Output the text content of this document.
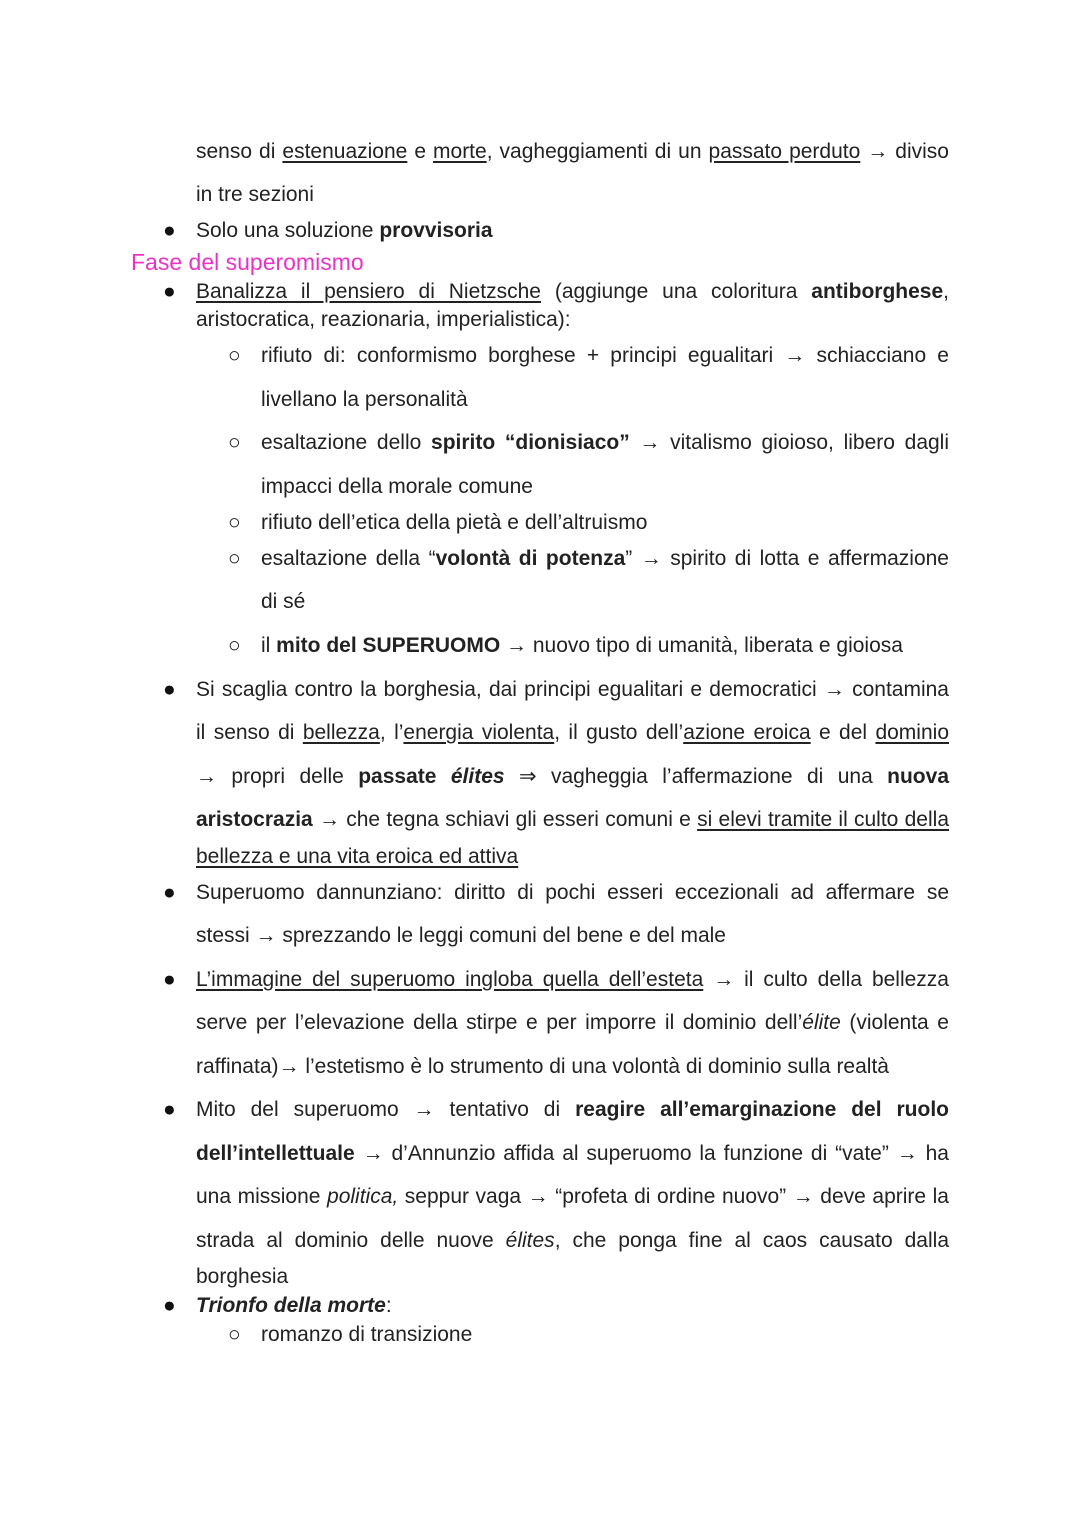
senso di estenuazione e morte, vagheggiamenti di un passato perduto → diviso
in tre sezioni
● Solo una soluzione provvisoria
Fase del superomismo
● Banalizza il pensiero di Nietzsche (aggiunge una coloritura antiborghese,
aristocratica, reazionaria, imperialistica):
○ rifiuto di: conformismo borghese + principi egualitari → schiacciano e
livellano la personalità
○ esaltazione dello spirito “dionisiaco” → vitalismo gioioso, libero dagli
impacci della morale comune
○ rifiuto dell’etica della pietà e dell’altruismo
○ esaltazione della “volontà di potenza” → spirito di lotta e affermazione
di sé
○ il mito del SUPERUOMO → nuovo tipo di umanità, liberata e gioiosa
● Si scaglia contro la borghesia, dai principi egualitari e democratici → contamina
il senso di bellezza, l’energia violenta, il gusto dell’azione eroica e del dominio
→ propri delle passate élites ⇒ vagheggia l’affermazione di una nuova
aristocrazia → che tegna schiavi gli esseri comuni e si elevi tramite il culto della
bellezza e una vita eroica ed attiva
● Superuomo dannunziano: diritto di pochi esseri eccezionali ad affermare se
stessi → sprezzando le leggi comuni del bene e del male
● L’immagine del superuomo ingloba quella dell’esteta → il culto della bellezza
serve per l’elevazione della stirpe e per imporre il dominio dell’élite (violenta e
raffinata)→ l’estetismo è lo strumento di una volontà di dominio sulla realtà
● Mito del superuomo → tentativo di reagire all’emarginazione del ruolo
dell’intellettuale → d’Annunzio affida al superuomo la funzione di “vate” → ha
una missione politica, seppur vaga → “profeta di ordine nuovo” → deve aprire la
strada al dominio delle nuove élites, che ponga fine al caos causato dalla
borghesia
● Trionfo della morte:
○ romanzo di transizione
